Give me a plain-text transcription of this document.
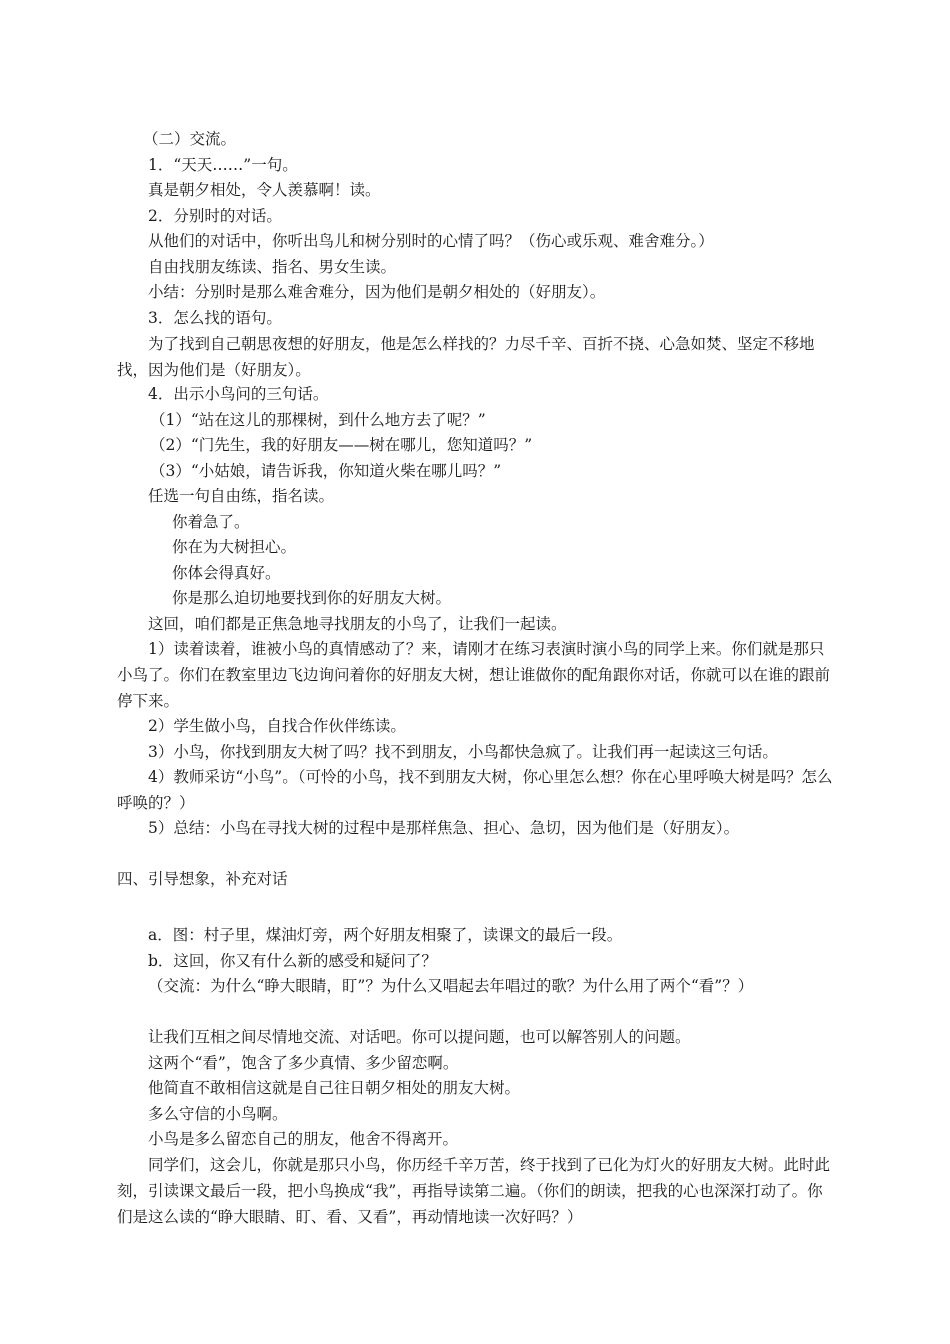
（二）交流。
1．“天天……”一句。
真是朝夕相处，令人羡慕啊！读。
2．分别时的对话。
从他们的对话中，你听出鸟儿和树分别时的心情了吗？（伤心或乐观、难舍难分。）
自由找朋友练读、指名、男女生读。
小结：分别时是那么难舍难分，因为他们是朝夕相处的（好朋友）。
3．怎么找的语句。
为了找到自己朝思夜想的好朋友，他是怎么样找的？力尽千辛、百折不挠、心急如焚、坚定不移地找，因为他们是（好朋友）。
4．出示小鸟问的三句话。
（1）“站在这儿的那棵树，到什么地方去了呢？”
（2）“门先生，我的好朋友——树在哪儿，您知道吗？”
（3）“小姑娘，请告诉我，你知道火柴在哪儿吗？”
任选一句自由练，指名读。
你着急了。
你在为大树担心。
你体会得真好。
你是那么迫切地要找到你的好朋友大树。
这回，咱们都是正焦急地寻找朋友的小鸟了，让我们一起读。
1）读着读着，谁被小鸟的真情感动了？来，请刚才在练习表演时演小鸟的同学上来。你们就是那只小鸟了。你们在教室里边飞边询问着你的好朋友大树，想让谁做你的配角跟你对话，你就可以在谁的跟前停下来。
2）学生做小鸟，自找合作伙伴练读。
3）小鸟，你找到朋友大树了吗？找不到朋友，小鸟都快急疯了。让我们再一起读这三句话。
4）教师采访“小鸟”。（可怜的小鸟，找不到朋友大树，你心里怎么想？你在心里呼唤大树是吗？怎么呼唤的？）
5）总结：小鸟在寻找大树的过程中是那样焦急、担心、急切，因为他们是（好朋友）。
四、引导想象，补充对话
a．图：村子里，煤油灯旁，两个好朋友相聚了，读课文的最后一段。
b．这回，你又有什么新的感受和疑问了？
（交流：为什么“睁大眼睛，盯”？为什么又唱起去年唱过的歌？为什么用了两个“看”？）
让我们互相之间尽情地交流、对话吧。你可以提问题，也可以解答别人的问题。
这两个“看”，饱含了多少真情、多少留恋啊。
他简直不敢相信这就是自己往日朝夕相处的朋友大树。
多么守信的小鸟啊。
小鸟是多么留恋自己的朋友，他舍不得离开。
同学们，这会儿，你就是那只小鸟，你历经千辛万苦，终于找到了已化为灯火的好朋友大树。此时此刻，引读课文最后一段，把小鸟换成“我”，再指导读第二遍。（你们的朗读，把我的心也深深打动了。你们是这么读的“睁大眼睛、盯、看、又看”，再动情地读一次好吗？）
